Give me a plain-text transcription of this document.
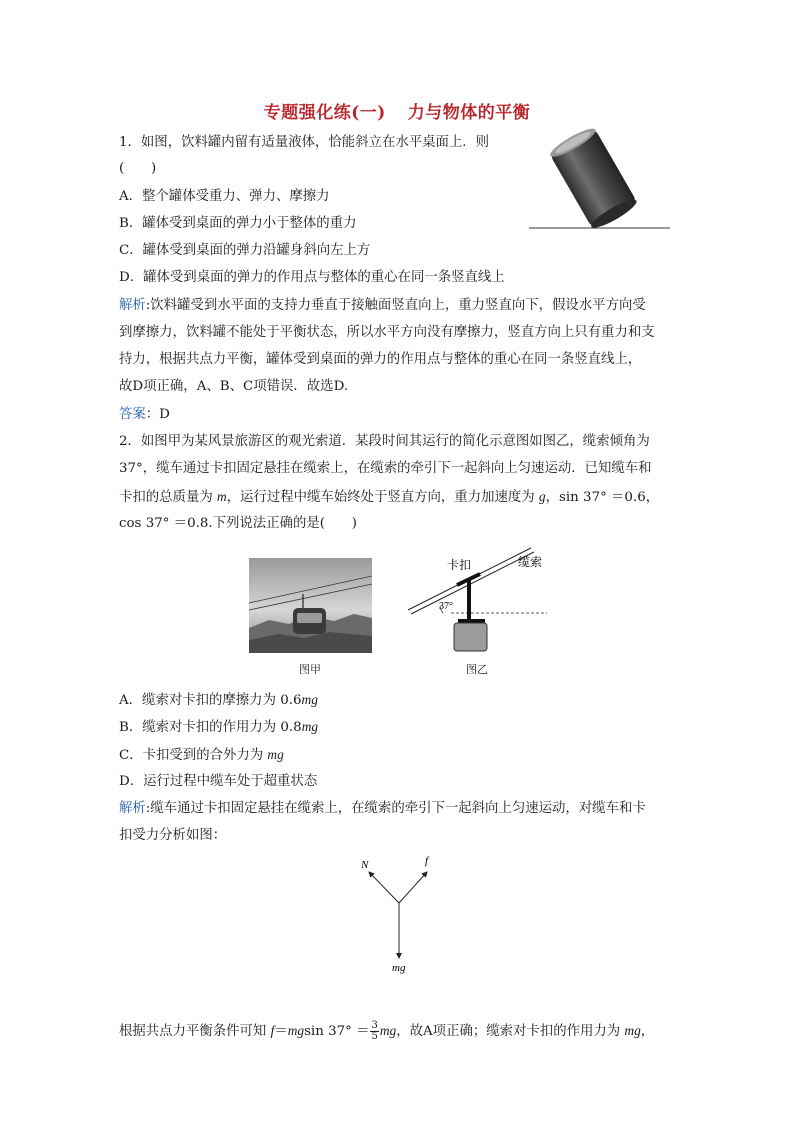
专题强化练(一) 力与物体的平衡
1．如图，饮料罐内留有适量液体，恰能斜立在水平桌面上．则
(　　)
A．整个罐体受重力、弹力、摩擦力
B．罐体受到桌面的弹力小于整体的重力
C．罐体受到桌面的弹力沿罐身斜向左上方
D．罐体受到桌面的弹力的作用点与整体的重心在同一条竖直线上
解析:饮料罐受到水平面的支持力垂直于接触面竖直向上，重力竖直向下，假设水平方向受
到摩擦力，饮料罐不能处于平衡状态，所以水平方向没有摩擦力，竖直方向上只有重力和支
持力，根据共点力平衡，罐体受到桌面的弹力的作用点与整体的重心在同一条竖直线上，
故D项正确，A、B、C项错误．故选D.
答案：D
2．如图甲为某风景旅游区的观光索道．某段时间其运行的简化示意图如图乙，缆索倾角为
37°，缆车通过卡扣固定悬挂在缆索上，在缆索的牵引下一起斜向上匀速运动．已知缆车和
卡扣的总质量为 m，运行过程中缆车始终处于竖直方向，重力加速度为 g，sin 37° ＝0.6，
cos 37° ＝0.8.下列说法正确的是(　　)
37°
卡扣	缆索
图甲	图乙
A．缆索对卡扣的摩擦力为 0.6mg
B．缆索对卡扣的作用力为 0.8mg
C．卡扣受到的合外力为 mg
D．运行过程中缆车处于超重状态
解析:缆车通过卡扣固定悬挂在缆索上，在缆索的牵引下一起斜向上匀速运动，对缆车和卡
扣受力分析如图：
N	f
mg
根据共点力平衡条件可知 f＝mgsin $37^\circ = \frac{3}{5}$ mg，故A项正确；缆索对卡扣的作用力为 mg，
